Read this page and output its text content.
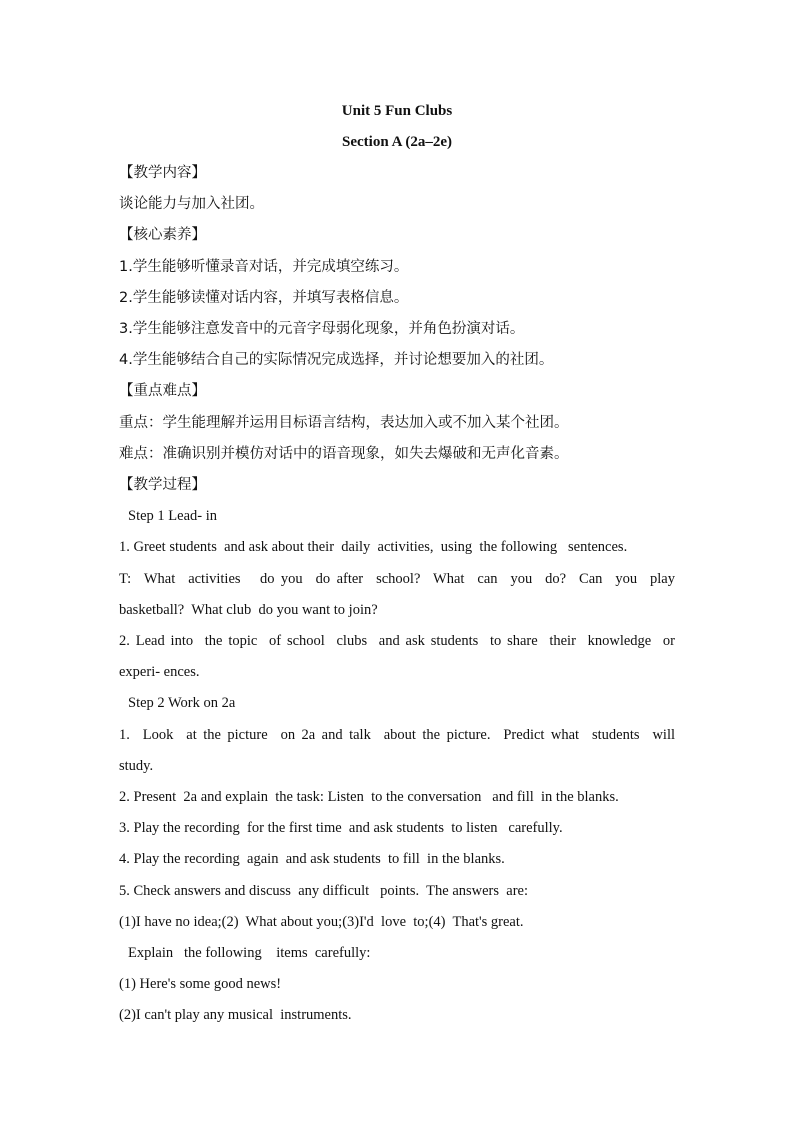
Unit 5 Fun Clubs

Section A (2a–2e)

【教学内容】

谈论能力与加入社团。

【核心素养】

1.学生能够听懂录音对话，并完成填空练习。

2.学生能够读懂对话内容，并填写表格信息。

3.学生能够注意发音中的元音字母弱化现象，并角色扮演对话。

4.学生能够结合自己的实际情况完成选择，并讨论想要加入的社团。

【重点难点】

重点：学生能理解并运用目标语言结构，表达加入或不加入某个社团。

难点：准确识别并模仿对话中的语音现象，如失去爆破和无声化音素。

【教学过程】

Step 1 Lead- in

1. Greet students  and ask about their  daily  activities,  using  the following   sentences.

T:  What  activities   do you  do after  school?  What  can  you  do?  Can  you  play

basketball?  What club  do you want to join?

2. Lead into  the topic  of school  clubs  and ask students  to share  their  knowledge  or

experi- ences.

Step 2 Work on 2a

1.  Look  at the picture  on 2a and talk  about the picture.  Predict what  students  will

study.

2. Present  2a and explain  the task: Listen  to the conversation   and fill  in the blanks.

3. Play the recording  for the first time  and ask students  to listen   carefully.

4. Play the recording  again  and ask students  to fill  in the blanks.

5. Check answers and discuss  any difficult   points.  The answers  are:

(1)I have no idea;(2)  What about you;(3)I'd  love  to;(4)  That's great.

Explain   the following    items  carefully:

(1) Here's some good news!

(2)I can't play any musical  instruments.
